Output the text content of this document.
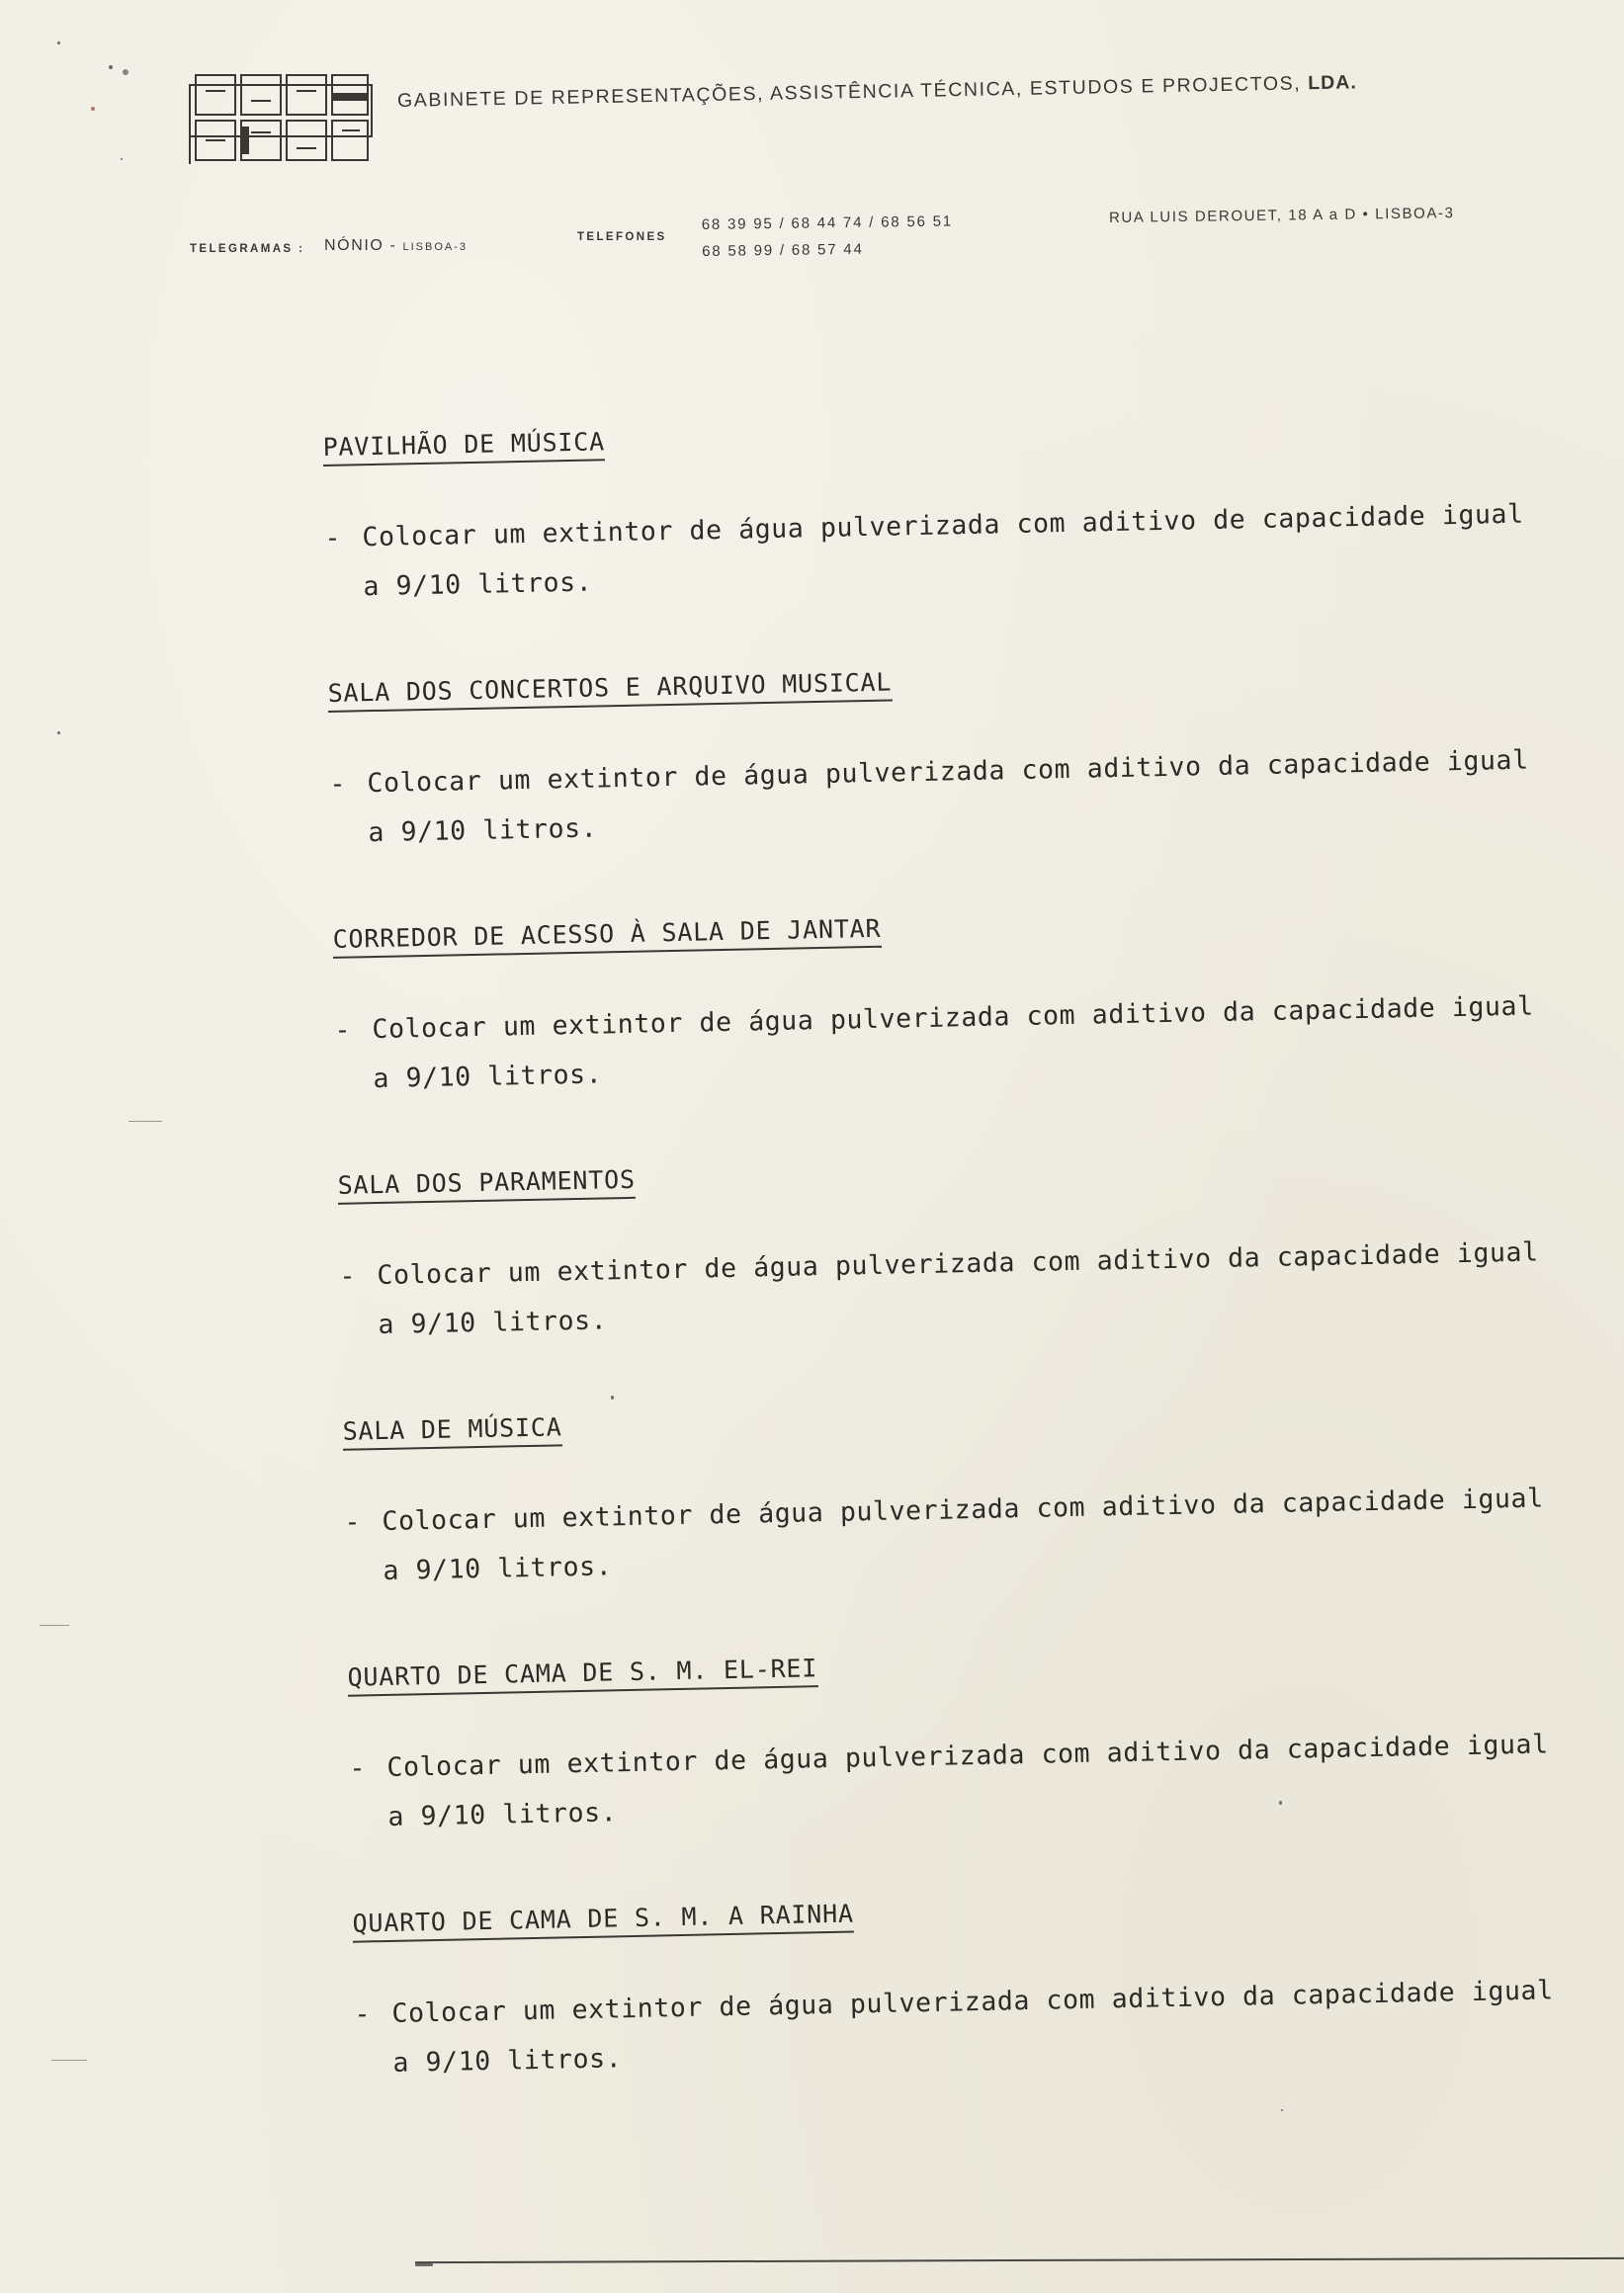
GABINETE DE REPRESENTAÇÕES, ASSISTÊNCIA TÉCNICA, ESTUDOS E PROJECTOS, LDA.
TELEGRAMAS : NÓNIO - LISBOA-3
TELEFONES
68 39 95 / 68 44 74 / 68 56 51
68 58 99 / 68 57 44
RUA LUIS DEROUET, 18 A a D • LISBOA-3
PAVILHÃO DE MÚSICA
- Colocar um extintor de água pulverizada com aditivo de capacidade igual
a 9/10 litros.
SALA DOS CONCERTOS E ARQUIVO MUSICAL
- Colocar um extintor de água pulverizada com aditivo da capacidade igual
a 9/10 litros.
CORREDOR DE ACESSO À SALA DE JANTAR
- Colocar um extintor de água pulverizada com aditivo da capacidade igual
a 9/10 litros.
SALA DOS PARAMENTOS
- Colocar um extintor de água pulverizada com aditivo da capacidade igual
a 9/10 litros.
SALA DE MÚSICA
- Colocar um extintor de água pulverizada com aditivo da capacidade igual
a 9/10 litros.
QUARTO DE CAMA DE S. M. EL-REI
- Colocar um extintor de água pulverizada com aditivo da capacidade igual
a 9/10 litros.
QUARTO DE CAMA DE S. M. A RAINHA
- Colocar um extintor de água pulverizada com aditivo da capacidade igual
a 9/10 litros.
